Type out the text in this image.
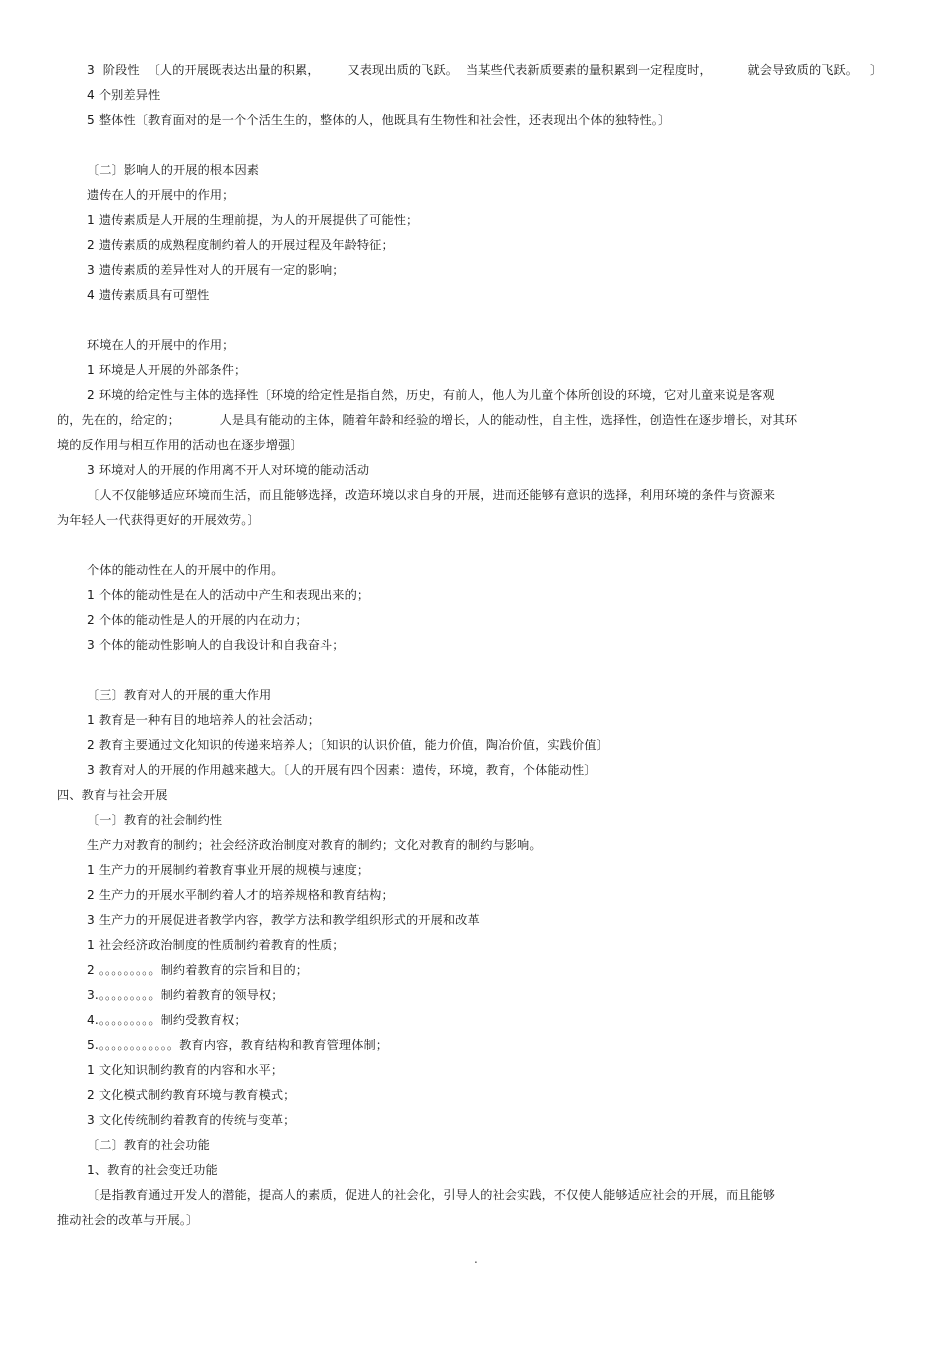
3  阶段性  〔人的开展既表达出量的积累，       又表现出质的飞跃。  当某些代表新质要素的量积累到一定程度时，         就会导致质的飞跃。   〕
4 个别差异性
5 整体性〔教育面对的是一个个活生生的，整体的人，他既具有生物性和社会性，还表现出个体的独特性。〕
〔二〕影响人的开展的根本因素
遗传在人的开展中的作用；
1 遗传素质是人开展的生理前提，为人的开展提供了可能性；
2 遗传素质的成熟程度制约着人的开展过程及年龄特征；
3 遗传素质的差异性对人的开展有一定的影响；
4 遗传素质具有可塑性
环境在人的开展中的作用；
1 环境是人开展的外部条件；
2 环境的给定性与主体的选择性〔环境的给定性是指自然，历史，有前人，他人为儿童个体所创设的环境，它对儿童来说是客观
的，先在的，给定的；          人是具有能动的主体，随着年龄和经验的增长，人的能动性，自主性，选择性，创造性在逐步增长，对其环
境的反作用与相互作用的活动也在逐步增强〕
3 环境对人的开展的作用离不开人对环境的能动活动
〔人不仅能够适应环境而生活，而且能够选择，改造环境以求自身的开展，进而还能够有意识的选择，利用环境的条件与资源来
为年轻人一代获得更好的开展效劳。〕
个体的能动性在人的开展中的作用。
1 个体的能动性是在人的活动中产生和表现出来的；
2 个体的能动性是人的开展的内在动力；
3 个体的能动性影响人的自我设计和自我奋斗；
〔三〕教育对人的开展的重大作用
1 教育是一种有目的地培养人的社会活动；
2 教育主要通过文化知识的传递来培养人；〔知识的认识价值，能力价值，陶冶价值，实践价值〕
3 教育对人的开展的作用越来越大。〔人的开展有四个因素：遗传，环境，教育，个体能动性〕
四、教育与社会开展
〔一〕教育的社会制约性
生产力对教育的制约；社会经济政治制度对教育的制约；文化对教育的制约与影响。
1 生产力的开展制约着教育事业开展的规模与速度；
2 生产力的开展水平制约着人才的培养规格和教育结构；
3 生产力的开展促进者教学内容，教学方法和教学组织形式的开展和改革
1 社会经济政治制度的性质制约着教育的性质；
2 。。。。。。。。。制约着教育的宗旨和目的；
3.。。。。。。。。。制约着教育的领导权；
4.。。。。。。。。。制约受教育权；
5.。。。。。。。。。。。。教育内容，教育结构和教育管理体制；
1 文化知识制约教育的内容和水平；
2 文化模式制约教育环境与教育模式；
3 文化传统制约着教育的传统与变革；
〔二〕教育的社会功能
1、教育的社会变迁功能
〔是指教育通过开发人的潜能，提高人的素质，促进人的社会化，引导人的社会实践，不仅使人能够适应社会的开展，而且能够
推动社会的改革与开展。〕
.
